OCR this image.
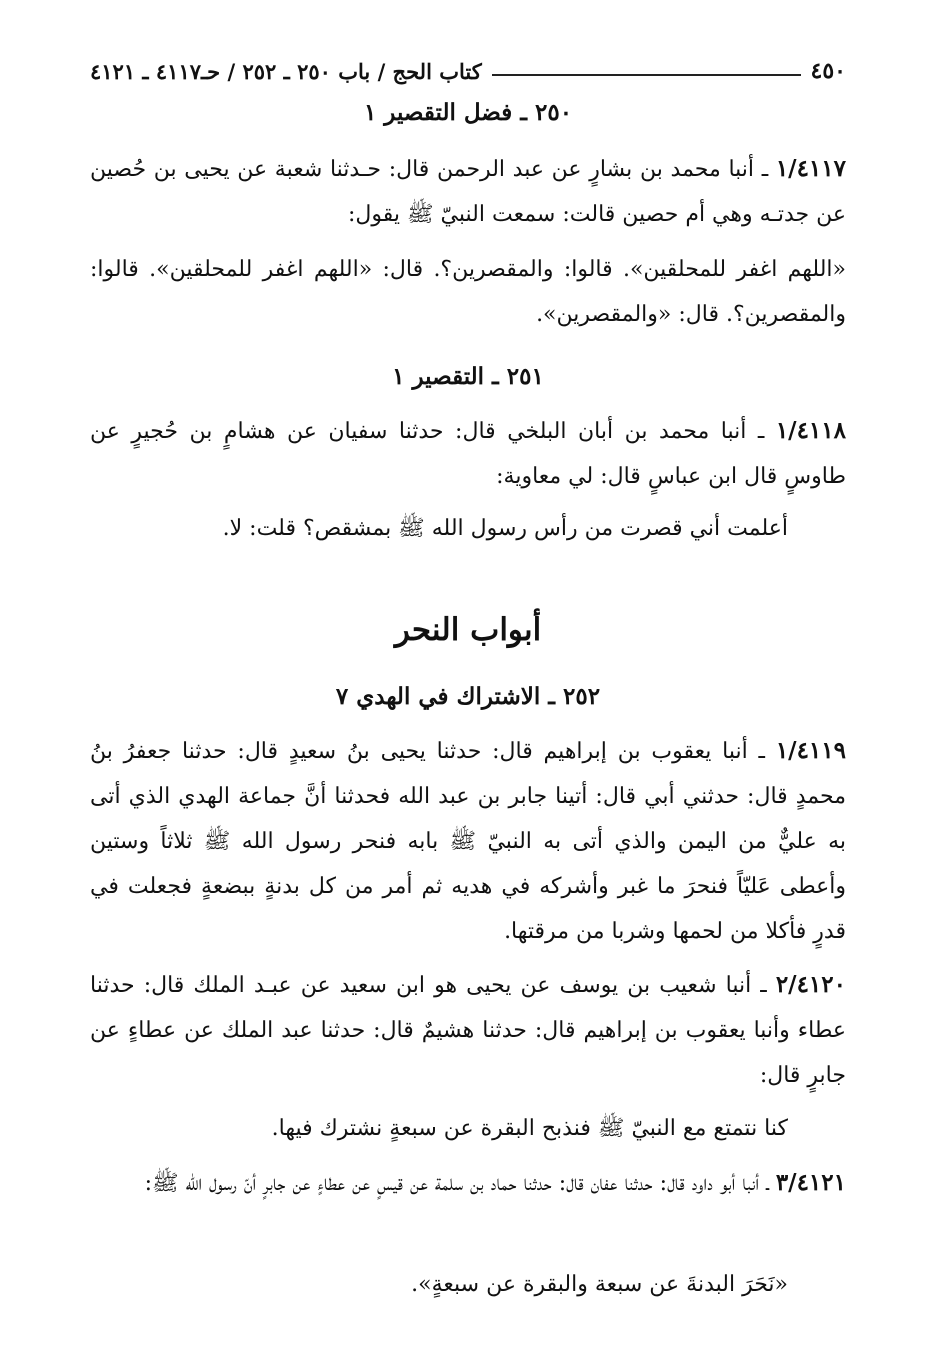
٤٥٠
كتاب الحج / باب ٢٥٠ ـ ٢٥٢ / حـ٤١١٧ ـ ٤١٢١
٢٥٠ ـ فضل التقصير ١
١/٤١١٧ ـ أنبا محمد بن بشارٍ عن عبد الرحمن قال: حـدثنا شعبة عن يحيى بن حُصين عن جدتـه وهي أم حصين قالت: سمعت النبيّ ﷺ يقول:
«اللهم اغفر للمحلقين». قالوا: والمقصرين؟. قال: «اللهم اغفر للمحلقين». قالوا: والمقصرين؟. قال: «والمقصرين».
٢٥١ ـ التقصير ١
١/٤١١٨ ـ أنبا محمد بن أبان البلخي قال: حدثنا سفيان عن هشامٍ بن حُجيرٍ عن طاوسٍ قال ابن عباسٍ قال: لي معاوية:
أعلمت أني قصرت من رأس رسول الله ﷺ بمشقص؟ قلت: لا.
أبواب النحر
٢٥٢ ـ الاشتراك في الهدي ٧
١/٤١١٩ ـ أنبا يعقوب بن إبراهيم قال: حدثنا يحيى بنُ سعيدٍ قال: حدثنا جعفرُ بنُ محمدٍ قال: حدثني أبي قال: أتينا جابر بن عبد الله فحدثنا أنَّ جماعة الهدي الذي أتى به عليٌّ من اليمن والذي أتى به النبيّ ﷺ بابه فنحر رسول الله ﷺ ثلاثاً وستين وأعطى عَليّاً فنحرَ ما غبر وأشركه في هديه ثم أمر من كل بدنةٍ ببضعةٍ فجعلت في قدرٍ فأكلا من لحمها وشربا من مرقتها.
٢/٤١٢٠ ـ أنبا شعيب بن يوسف عن يحيى هو ابن سعيد عن عبـد الملك قال: حدثنا عطاء وأنبا يعقوب بن إبراهيم قال: حدثنا هشيمٌ قال: حدثنا عبد الملك عن عطاءٍ عن جابرٍ قال:
كنا نتمتع مع النبيّ ﷺ فنذبح البقرة عن سبعةٍ نشترك فيها.
٣/٤١٢١ ـ أنبا أبو داود قال: حدثنا عفان قال: حدثنا حماد بن سلمة عن قيسٍ عن عطاءٍ عن جابرٍ أنّ رسول الله ﷺ:
«نَحَرَ البدنةَ عن سبعة والبقرة عن سبعةٍ».
